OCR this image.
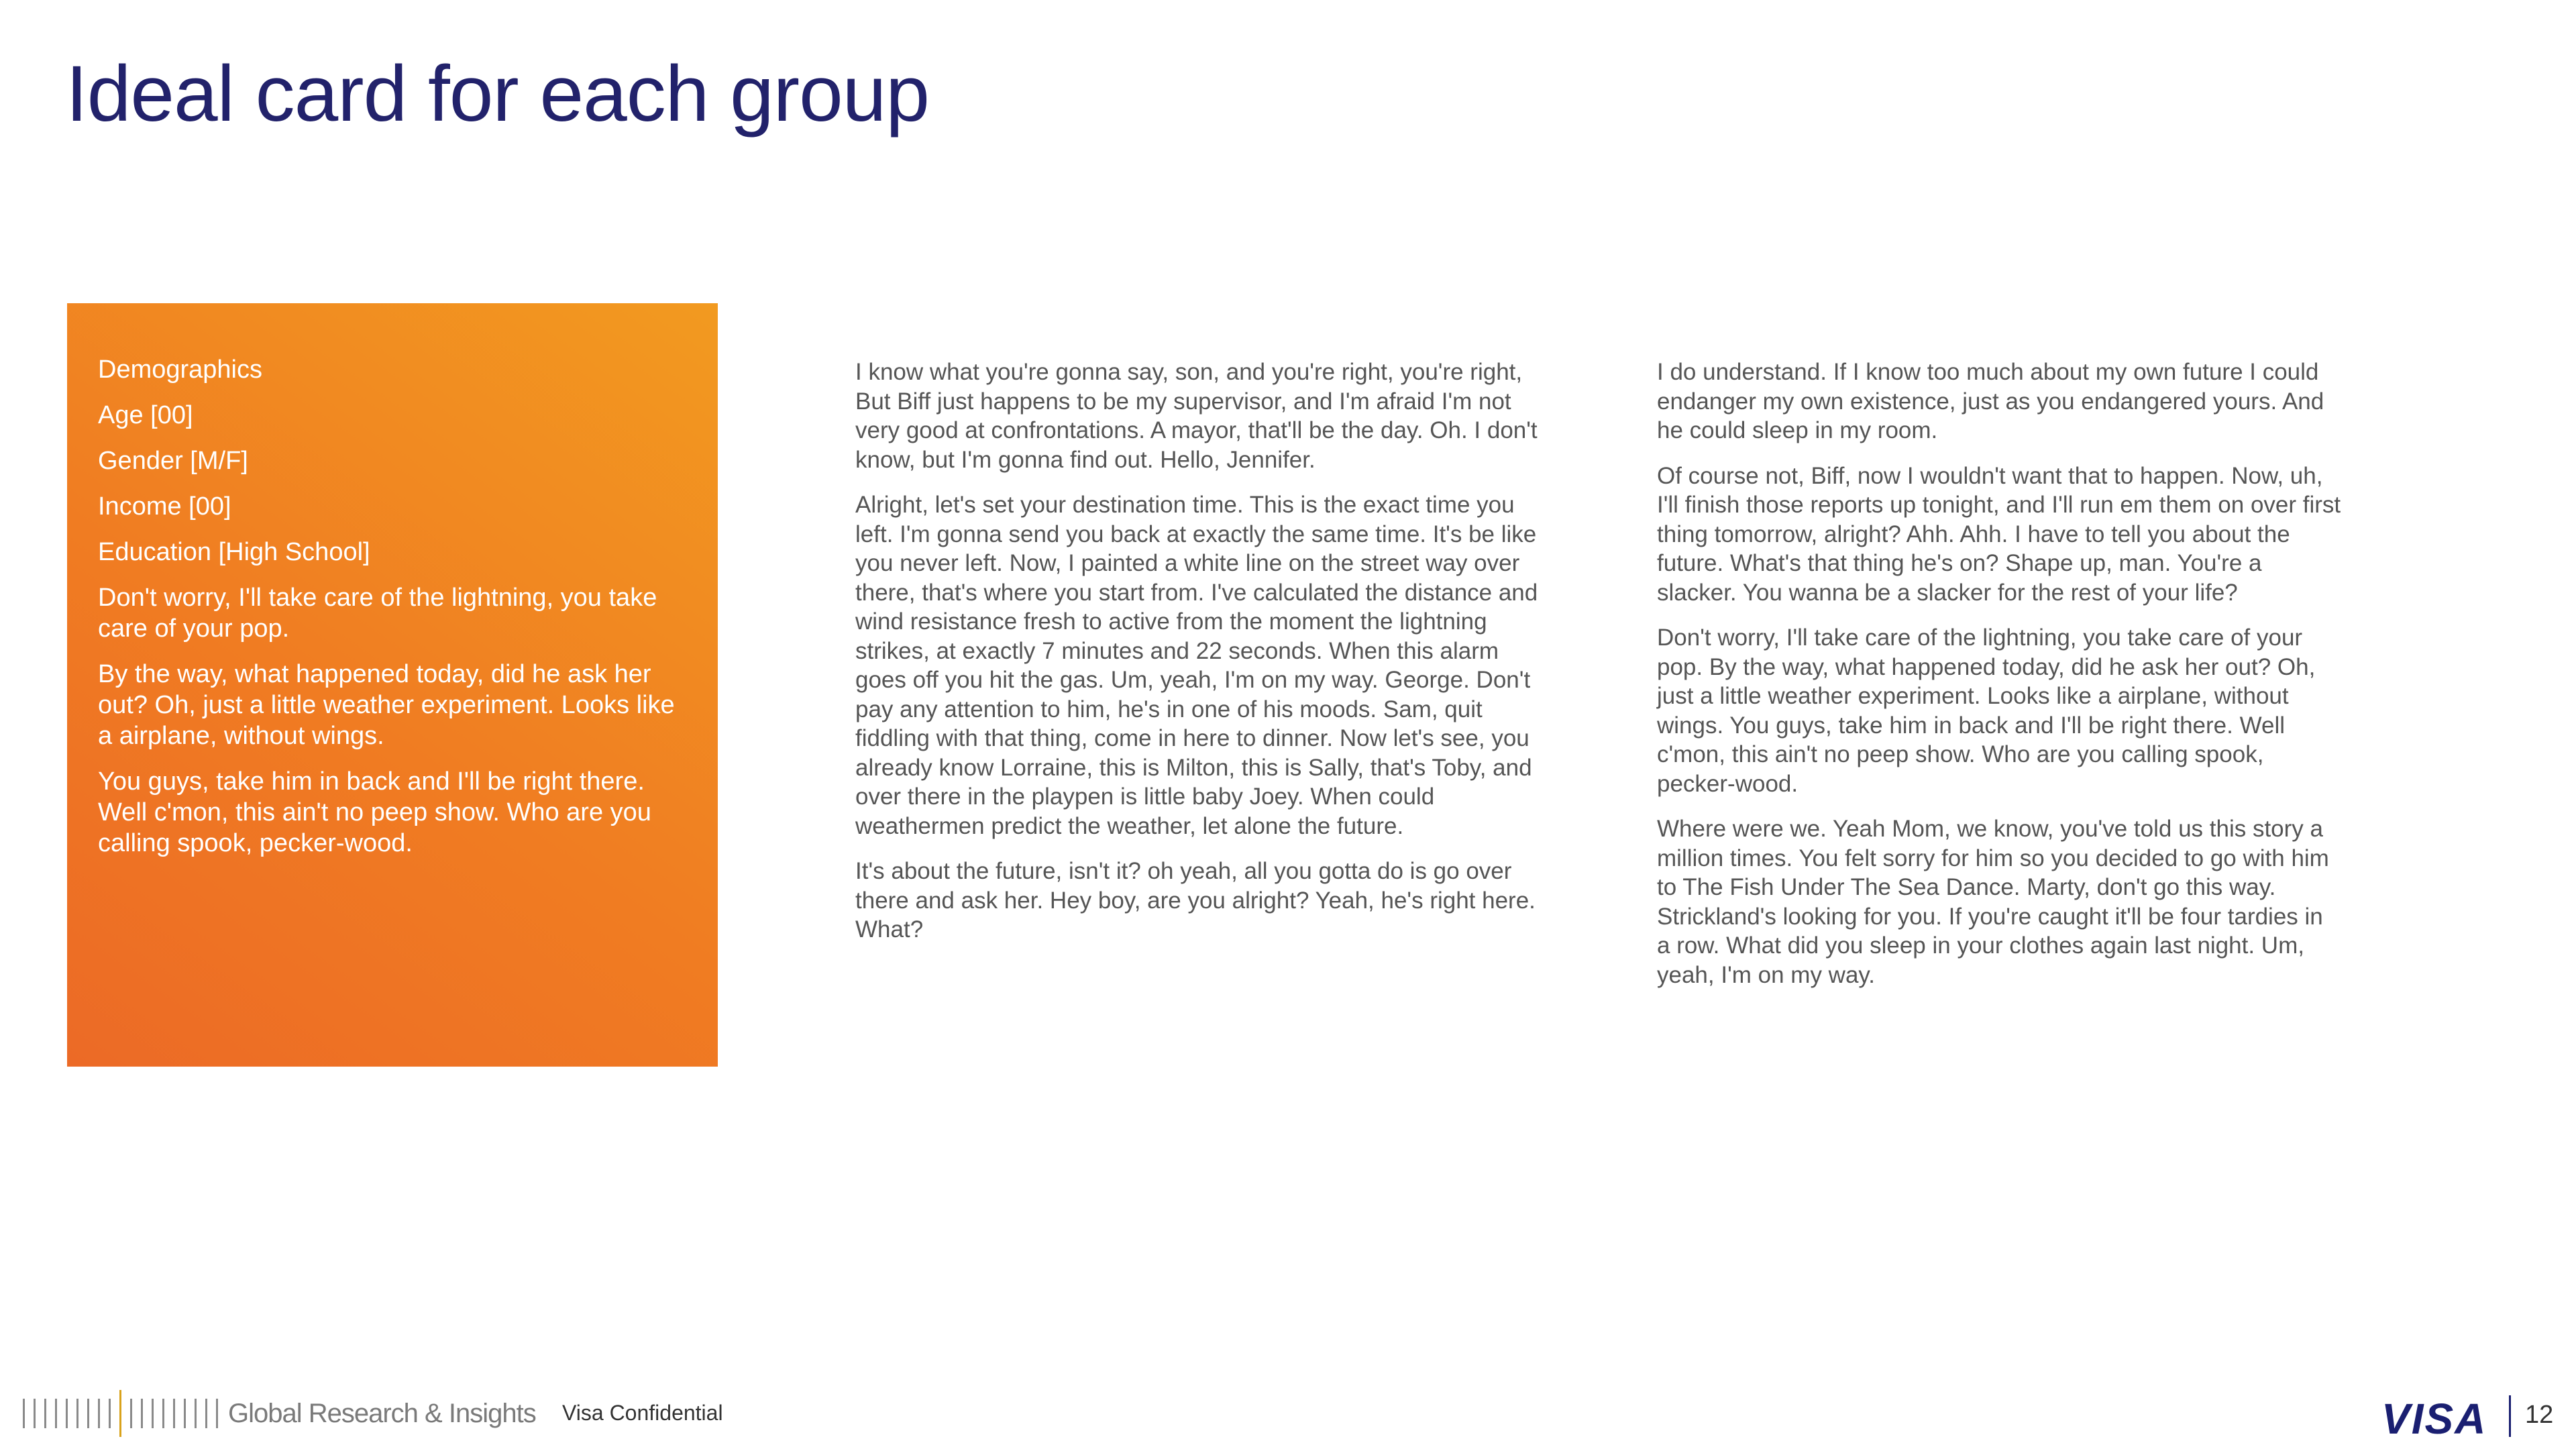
Ideal card for each group
Demographics
Age [00]
Gender [M/F]
Income [00]
Education [High School]
Don't worry, I'll take care of the lightning, you take care of your pop.
By the way, what happened today, did he ask her out? Oh, just a little weather experiment. Looks like a airplane, without wings.
You guys, take him in back and I'll be right there. Well c'mon, this ain't no peep show. Who are you calling spook, pecker-wood.

I know what you're gonna say, son, and you're right, you're right, But Biff just happens to be my supervisor, and I'm afraid I'm not very good at confrontations. A mayor, that'll be the day. Oh. I don't know, but I'm gonna find out. Hello, Jennifer.

Alright, let's set your destination time. This is the exact time you left. I'm gonna send you back at exactly the same time. It's be like you never left. Now, I painted a white line on the street way over there, that's where you start from. I've calculated the distance and wind resistance fresh to active from the moment the lightning strikes, at exactly 7 minutes and 22 seconds. When this alarm goes off you hit the gas. Um, yeah, I'm on my way. George. Don't pay any attention to him, he's in one of his moods. Sam, quit fiddling with that thing, come in here to dinner. Now let's see, you already know Lorraine, this is Milton, this is Sally, that's Toby, and over there in the playpen is little baby Joey. When could weathermen predict the weather, let alone the future.

It's about the future, isn't it? oh yeah, all you gotta do is go over there and ask her. Hey boy, are you alright? Yeah, he's right here. What?

I do understand. If I know too much about my own future I could endanger my own existence, just as you endangered yours. And he could sleep in my room.

Of course not, Biff, now I wouldn't want that to happen. Now, uh, I'll finish those reports up tonight, and I'll run em them on over first thing tomorrow, alright? Ahh. Ahh. I have to tell you about the future. What's that thing he's on? Shape up, man. You're a slacker. You wanna be a slacker for the rest of your life?

Don't worry, I'll take care of the lightning, you take care of your pop. By the way, what happened today, did he ask her out? Oh, just a little weather experiment. Looks like a airplane, without wings. You guys, take him in back and I'll be right there. Well c'mon, this ain't no peep show. Who are you calling spook, pecker-wood.

Where were we. Yeah Mom, we know, you've told us this story a million times. You felt sorry for him so you decided to go with him to The Fish Under The Sea Dance. Marty, don't go this way. Strickland's looking for you. If you're caught it'll be four tardies in a row. What did you sleep in your clothes again last night. Um, yeah, I'm on my way.

Global Research & Insights Visa Confidential	VISA 12
